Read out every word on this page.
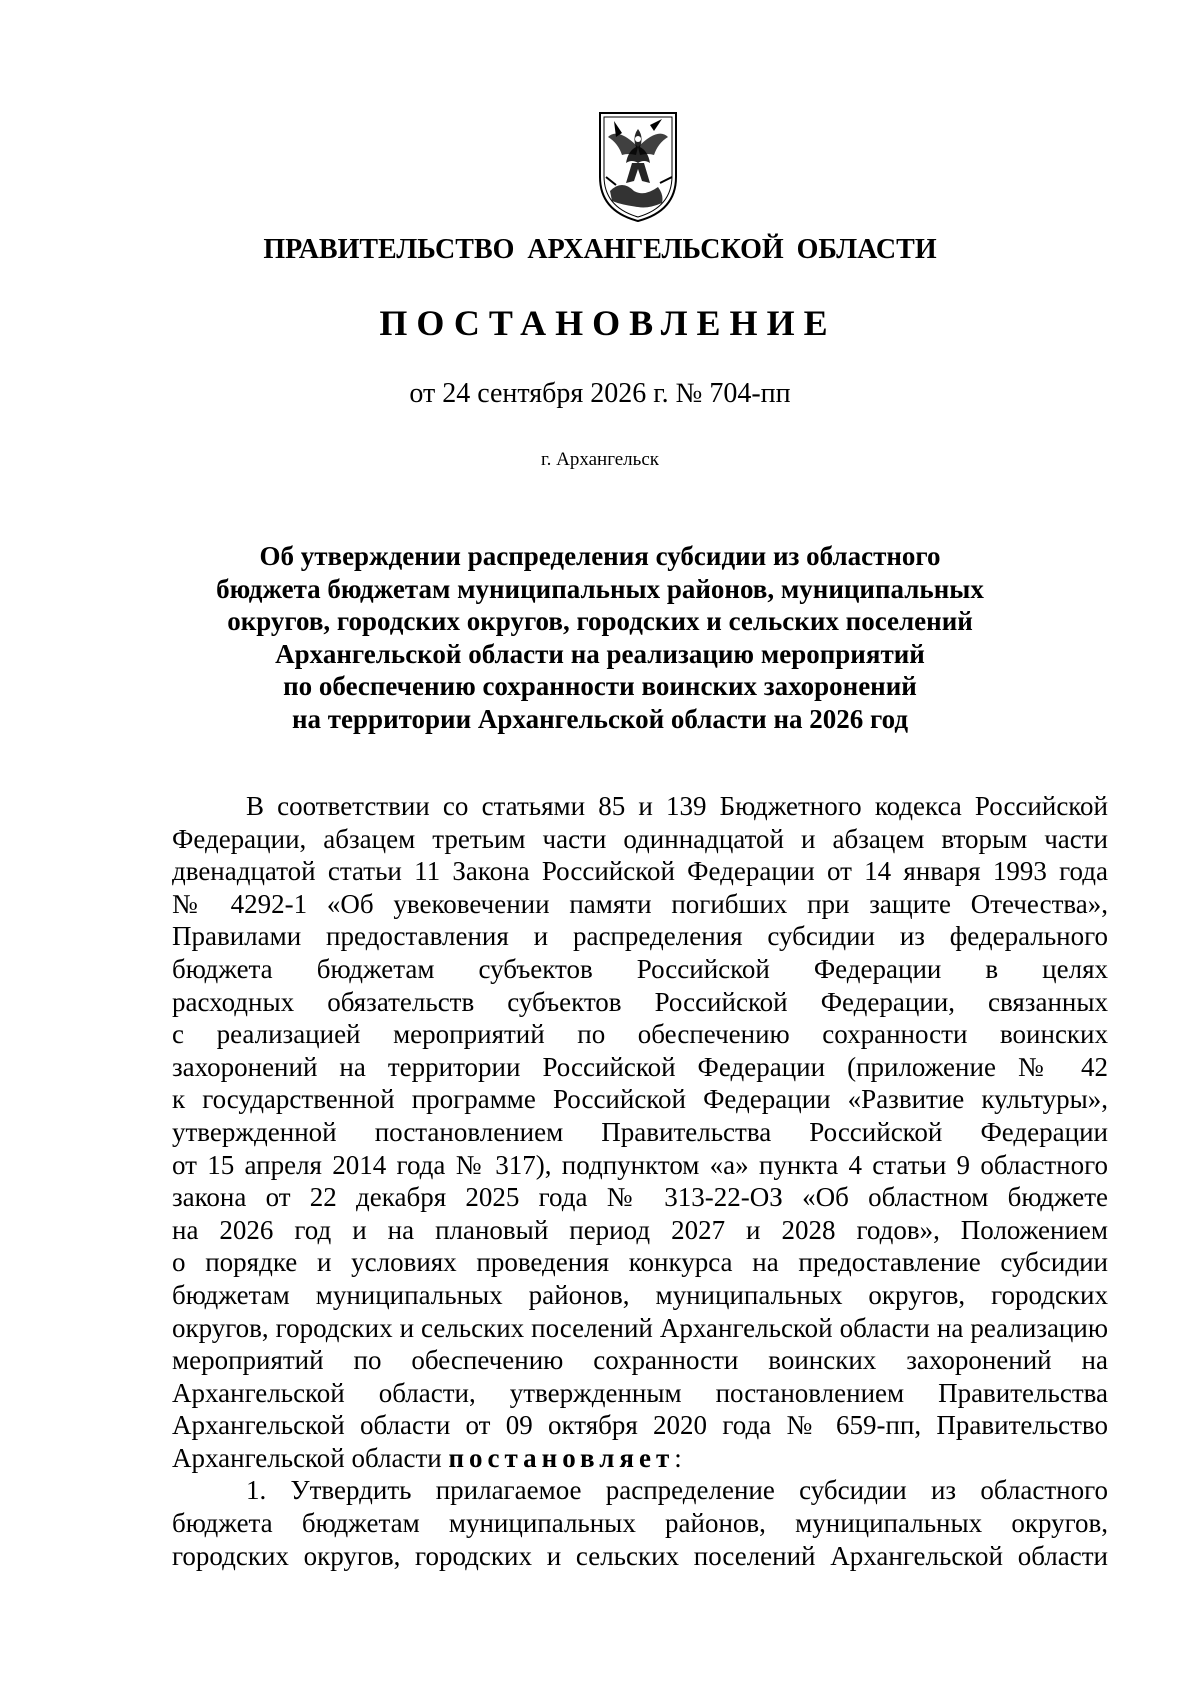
ПРАВИТЕЛЬСТВО АРХАНГЕЛЬСКОЙ ОБЛАСТИ
ПОСТАНОВЛЕНИЕ
от 24 сентября 2026 г. № 704-пп
г. Архангельск
Об утверждении распределения субсидии из областного
бюджета бюджетам муниципальных районов, муниципальных
округов, городских округов, городских и сельских поселений
Архангельской области на реализацию мероприятий
по обеспечению сохранности воинских захоронений
на территории Архангельской области на 2026 год
В соответствии со статьями 85 и 139 Бюджетного кодекса Российской
Федерации, абзацем третьим части одиннадцатой и абзацем вторым части
двенадцатой статьи 11 Закона Российской Федерации от 14 января 1993 года
№ 4292-1 «Об увековечении памяти погибших при защите Отечества»,
Правилами предоставления и распределения субсидии из федерального
бюджета бюджетам субъектов Российской Федерации в целях
расходных обязательств субъектов Российской Федерации, связанных
с реализацией мероприятий по обеспечению сохранности воинских
захоронений на территории Российской Федерации (приложение № 42
к государственной программе Российской Федерации «Развитие культуры»,
утвержденной постановлением Правительства Российской Федерации
от 15 апреля 2014 года № 317), подпунктом «а» пункта 4 статьи 9 областного
закона от 22 декабря 2025 года № 313-22-ОЗ «Об областном бюджете
на 2026 год и на плановый период 2027 и 2028 годов», Положением
о порядке и условиях проведения конкурса на предоставление субсидии
бюджетам муниципальных районов, муниципальных округов, городских
округов, городских и сельских поселений Архангельской области на реализацию
мероприятий по обеспечению сохранности воинских захоронений на
Архангельской области, утвержденным постановлением Правительства
Архангельской области от 09 октября 2020 года № 659-пп, Правительство
Архангельской области постановляет:
1. Утвердить прилагаемое распределение субсидии из областного
бюджета бюджетам муниципальных районов, муниципальных округов,
городских округов, городских и сельских поселений Архангельской области
